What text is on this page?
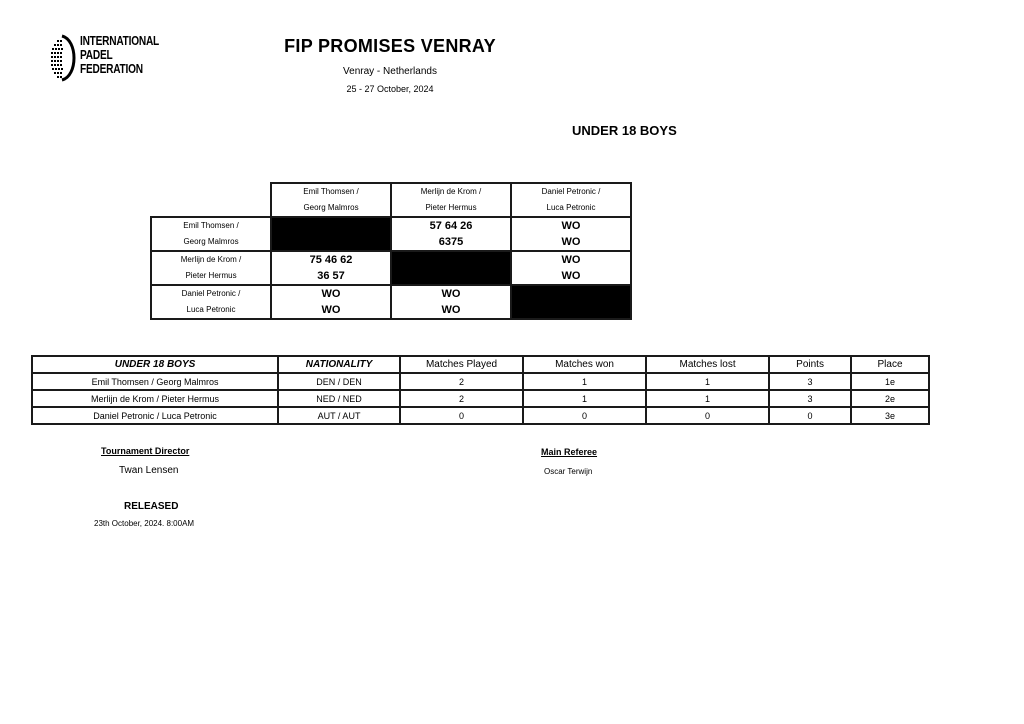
INTERNATIONAL
PADEL
FEDERATION
FIP PROMISES VENRAY
Venray - Netherlands
25 - 27 October, 2024
UNDER 18 BOYS

	Emil Thomsen /
Georg Malmros	Merlijn de Krom /
Pieter Hermus	Daniel Petronic /
Luca Petronic

Emil Thomsen /
Georg Malmros		57 64 26
6375	WO
WO

Merlijn de Krom /
Pieter Hermus	75 46 62
36 57		WO
WO

Daniel Petronic /
Luca Petronic	WO
WO	WO
WO	

UNDER 18 BOYS	NATIONALITY	Matches Played	Matches won	Matches lost	Points	Place
Emil Thomsen / Georg Malmros	DEN / DEN	2	1	1	3	1e
Merlijn de Krom / Pieter Hermus	NED / NED	2	1	1	3	2e
Daniel Petronic / Luca Petronic	AUT / AUT	0	0	0	0	3e
Tournament Director
Twan Lensen
Main Referee
Oscar Terwijn
RELEASED
23th October, 2024. 8:00AM
